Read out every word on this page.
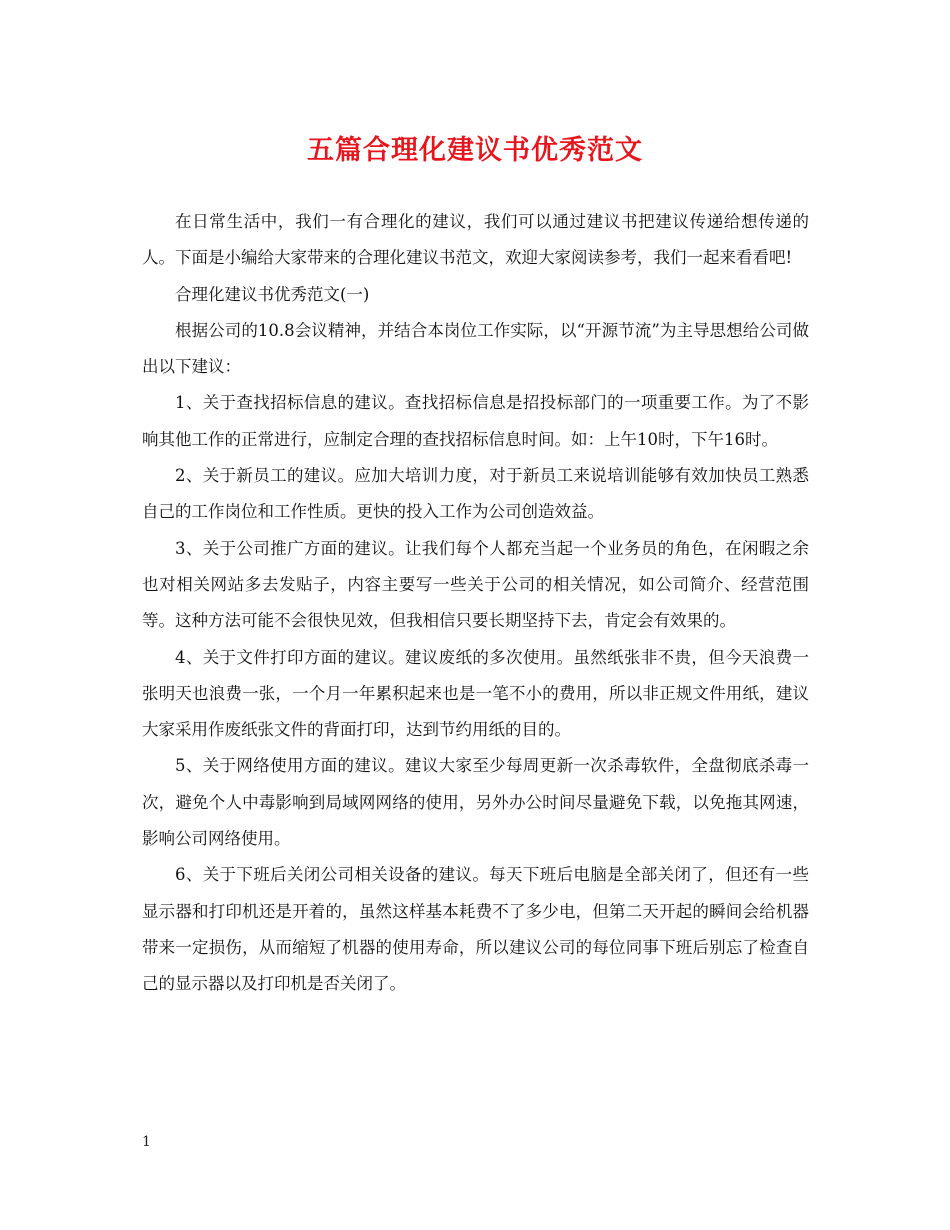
五篇合理化建议书优秀范文

在日常生活中，我们一有合理化的建议，我们可以通过建议书把建议传递给想传递的人。下面是小编给大家带来的合理化建议书范文，欢迎大家阅读参考，我们一起来看看吧!

合理化建议书优秀范文(一)

根据公司的10.8会议精神，并结合本岗位工作实际，以“开源节流”为主导思想给公司做出以下建议：

1、关于查找招标信息的建议。查找招标信息是招投标部门的一项重要工作。为了不影响其他工作的正常进行，应制定合理的查找招标信息时间。如：上午10时，下午16时。

2、关于新员工的建议。应加大培训力度，对于新员工来说培训能够有效加快员工熟悉自己的工作岗位和工作性质。更快的投入工作为公司创造效益。

3、关于公司推广方面的建议。让我们每个人都充当起一个业务员的角色，在闲暇之余也对相关网站多去发贴子，内容主要写一些关于公司的相关情况，如公司简介、经营范围等。这种方法可能不会很快见效，但我相信只要长期坚持下去，肯定会有效果的。

4、关于文件打印方面的建议。建议废纸的多次使用。虽然纸张非不贵，但今天浪费一张明天也浪费一张，一个月一年累积起来也是一笔不小的费用，所以非正规文件用纸，建议大家采用作废纸张文件的背面打印，达到节约用纸的目的。

5、关于网络使用方面的建议。建议大家至少每周更新一次杀毒软件，全盘彻底杀毒一次，避免个人中毒影响到局域网网络的使用，另外办公时间尽量避免下载，以免拖其网速，影响公司网络使用。

6、关于下班后关闭公司相关设备的建议。每天下班后电脑是全部关闭了，但还有一些显示器和打印机还是开着的，虽然这样基本耗费不了多少电，但第二天开起的瞬间会给机器带来一定损伤，从而缩短了机器的使用寿命，所以建议公司的每位同事下班后别忘了检查自己的显示器以及打印机是否关闭了。

1
